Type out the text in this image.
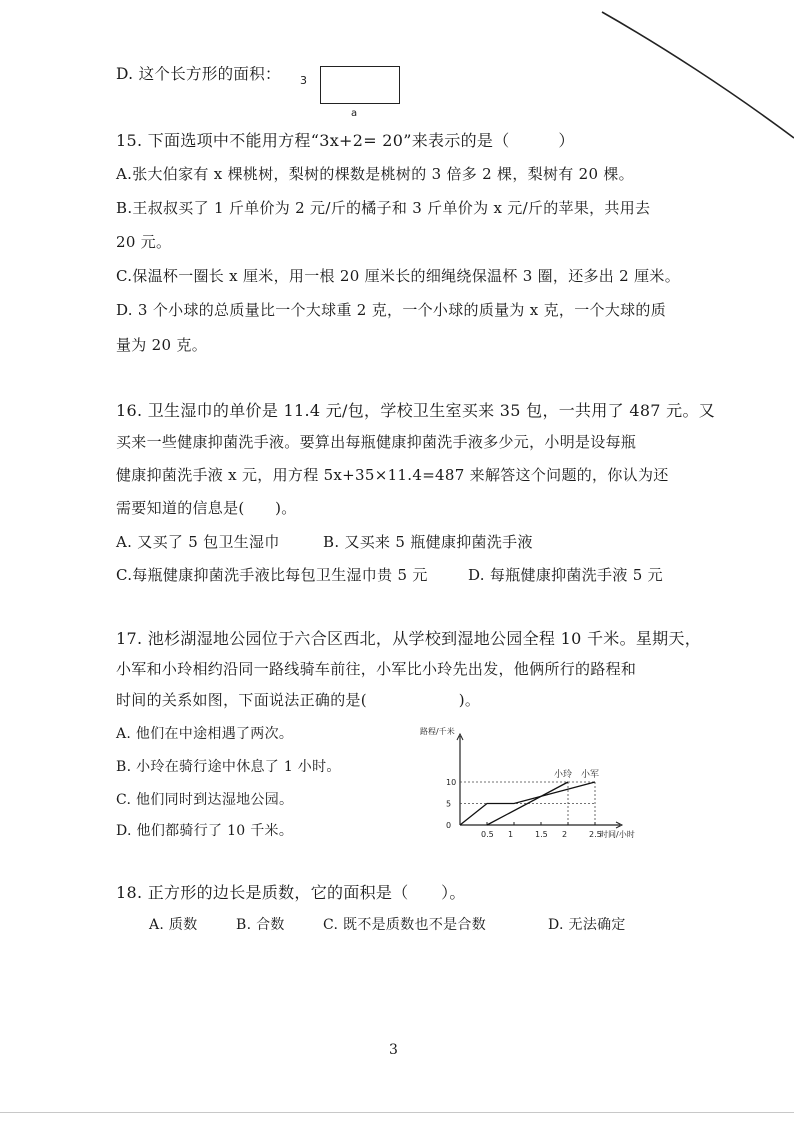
D. 这个长方形的面积： 3
a
15. 下面选项中不能用方程“3x+2= 20”来表示的是（　　　）
A.张大伯家有 x 棵桃树，梨树的棵数是桃树的 3 倍多 2 棵，梨树有 20 棵。
B.王叔叔买了 1 斤单价为 2 元/斤的橘子和 3 斤单价为 x 元/斤的苹果，共用去
20 元。
C.保温杯一圈长 x 厘米，用一根 20 厘米长的细绳绕保温杯 3 圈，还多出 2 厘米。
D. 3 个小球的总质量比一个大球重 2 克，一个小球的质量为 x 克，一个大球的质
量为 20 克。
16. 卫生湿巾的单价是 11.4 元/包，学校卫生室买来 35 包，一共用了 487 元。又
买来一些健康抑菌洗手液。要算出每瓶健康抑菌洗手液多少元，小明是设每瓶
健康抑菌洗手液 x 元，用方程 5x+35×11.4=487 来解答这个问题的，你认为还
需要知道的信息是(　　)。
A. 又买了 5 包卫生湿巾	B. 又买来 5 瓶健康抑菌洗手液
C.每瓶健康抑菌洗手液比每包卫生湿巾贵 5 元	D. 每瓶健康抑菌洗手液 5 元
17. 池杉湖湿地公园位于六合区西北，从学校到湿地公园全程 10 千米。星期天，
小军和小玲相约沿同一路线骑车前往，小军比小玲先出发，他俩所行的路程和
时间的关系如图，下面说法正确的是(　　　　　　)。
A. 他们在中途相遇了两次。
B. 小玲在骑行途中休息了 1 小时。
C. 他们同时到达湿地公园。
D. 他们都骑行了 10 千米。
小军
小玲
0.5 1	1.5 2	2.5
0
5
10
路程/千米
时间/小时
18. 正方形的边长是质数，它的面积是（　　）。
A. 质数	B. 合数	C. 既不是质数也不是合数	D. 无法确定
3
